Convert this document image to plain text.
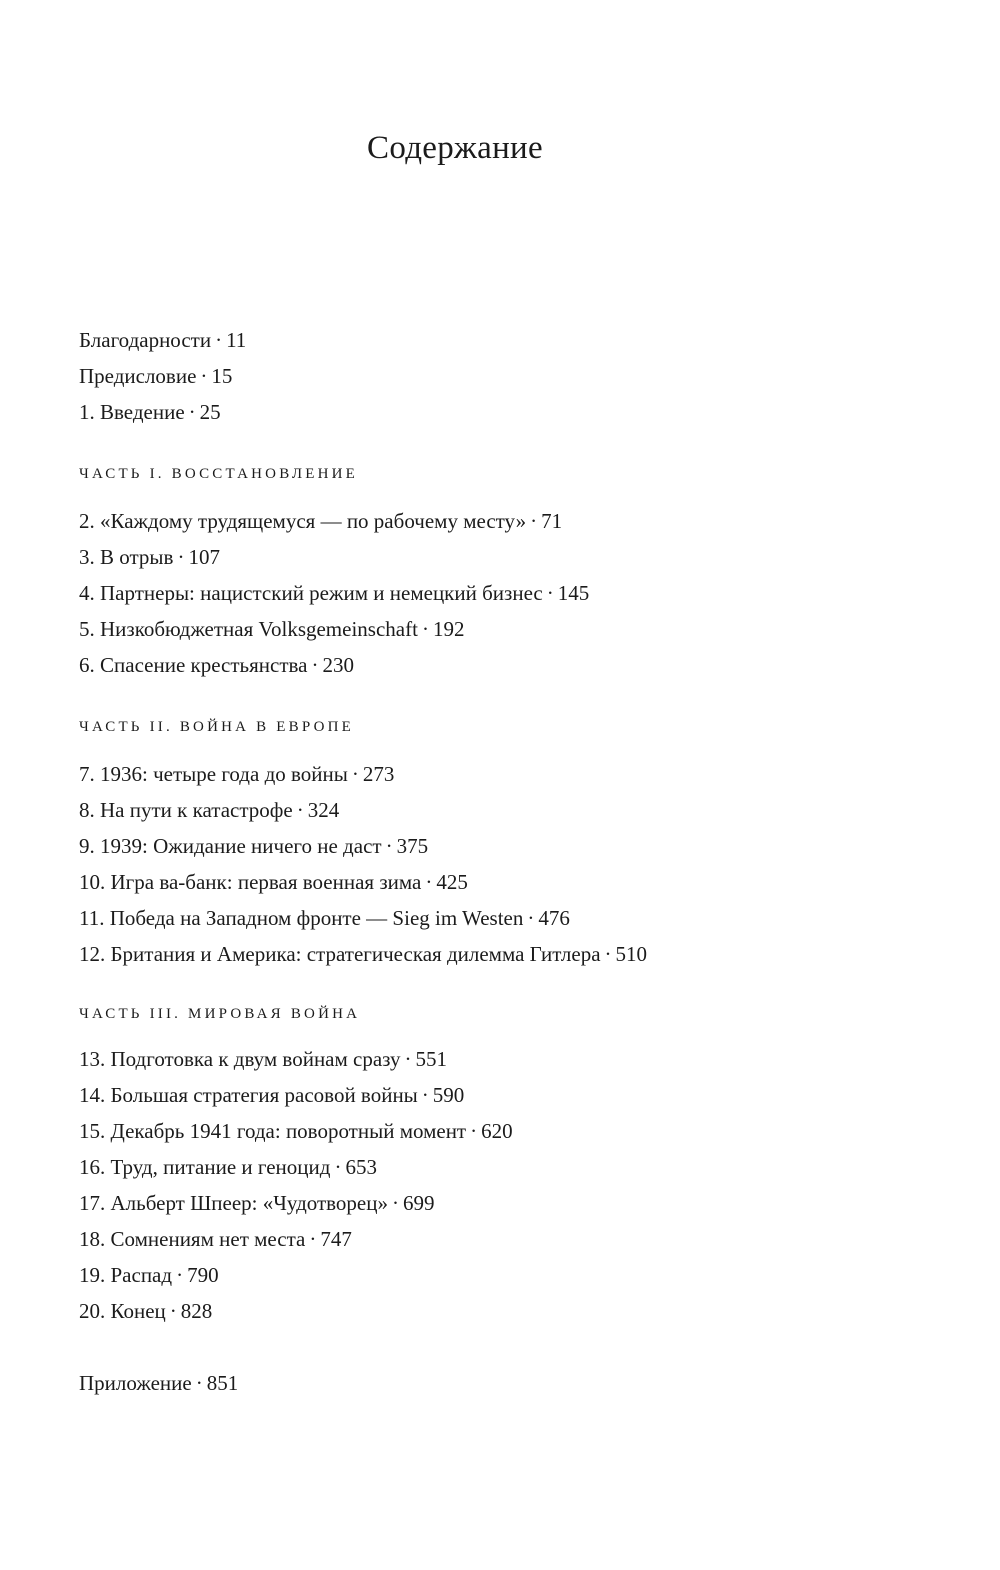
Содержание
Благодарности · 11
Предисловие · 15
1. Введение · 25
ЧАСТЬ I. ВОССТАНОВЛЕНИЕ
2. «Каждому трудящемуся — по рабочему месту» · 71
3. В отрыв · 107
4. Партнеры: нацистский режим и немецкий бизнес · 145
5. Низкобюджетная Volksgemeinschaft · 192
6. Спасение крестьянства · 230
ЧАСТЬ II. ВОЙНА В ЕВРОПЕ
7. 1936: четыре года до войны · 273
8. На пути к катастрофе · 324
9. 1939: Ожидание ничего не даст · 375
10. Игра ва-банк: первая военная зима · 425
11. Победа на Западном фронте — Sieg im Westen · 476
12. Британия и Америка: стратегическая дилемма Гитлера · 510
ЧАСТЬ III. МИРОВАЯ ВОЙНА
13. Подготовка к двум войнам сразу · 551
14. Большая стратегия расовой войны · 590
15. Декабрь 1941 года: поворотный момент · 620
16. Труд, питание и геноцид · 653
17. Альберт Шпеер: «Чудотворец» · 699
18. Сомнениям нет места · 747
19. Распад · 790
20. Конец · 828
Приложение · 851
